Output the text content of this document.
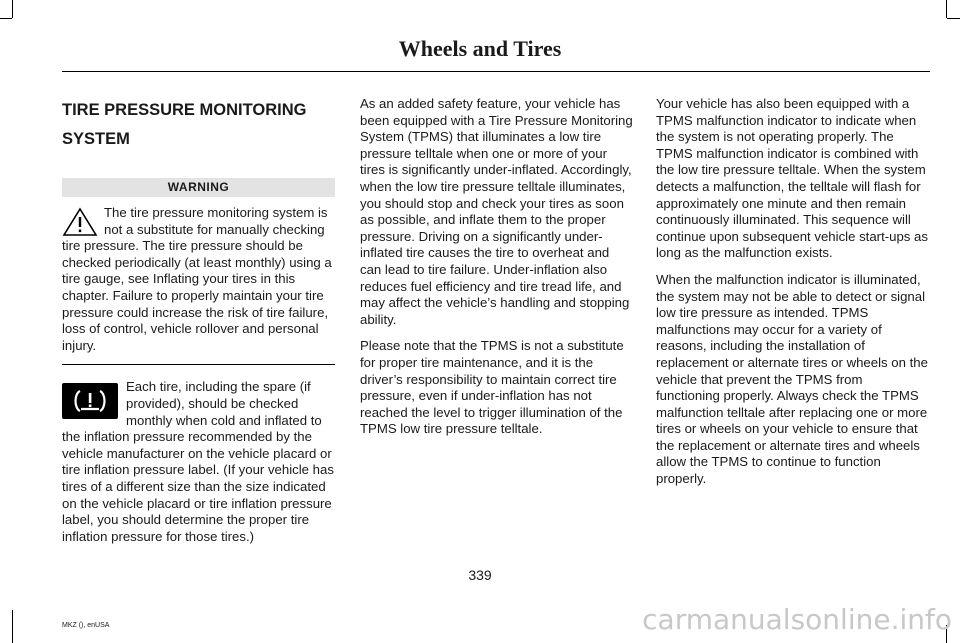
Wheels and Tires
TIRE PRESSURE MONITORING
SYSTEM
WARNING

The tire pressure monitoring system is not a substitute for manually checking tire pressure. The tire pressure should be checked periodically (at least monthly) using a tire gauge, see Inflating your tires in this chapter. Failure to properly maintain your tire pressure could increase the risk of tire failure, loss of control, vehicle rollover and personal injury.

Each tire, including the spare (if provided), should be checked monthly when cold and inflated to the inflation pressure recommended by the vehicle manufacturer on the vehicle placard or tire inflation pressure label. (If your vehicle has tires of a different size than the size indicated on the vehicle placard or tire inflation pressure label, you should determine the proper tire inflation pressure for those tires.)

As an added safety feature, your vehicle has been equipped with a Tire Pressure Monitoring System (TPMS) that illuminates a low tire pressure telltale when one or more of your tires is significantly under-inflated. Accordingly, when the low tire pressure telltale illuminates, you should stop and check your tires as soon as possible, and inflate them to the proper pressure. Driving on a significantly under-inflated tire causes the tire to overheat and can lead to tire failure. Under-inflation also reduces fuel efficiency and tire tread life, and may affect the vehicle’s handling and stopping ability.

Please note that the TPMS is not a substitute for proper tire maintenance, and it is the driver’s responsibility to maintain correct tire pressure, even if under-inflation has not reached the level to trigger illumination of the TPMS low tire pressure telltale.

Your vehicle has also been equipped with a TPMS malfunction indicator to indicate when the system is not operating properly. The TPMS malfunction indicator is combined with the low tire pressure telltale. When the system detects a malfunction, the telltale will flash for approximately one minute and then remain continuously illuminated. This sequence will continue upon subsequent vehicle start-ups as long as the malfunction exists.

When the malfunction indicator is illuminated, the system may not be able to detect or signal low tire pressure as intended. TPMS malfunctions may occur for a variety of reasons, including the installation of replacement or alternate tires or wheels on the vehicle that prevent the TPMS from functioning properly. Always check the TPMS malfunction telltale after replacing one or more tires or wheels on your vehicle to ensure that the replacement or alternate tires and wheels allow the TPMS to continue to function properly.

339
MKZ (), enUSA	carmanualsonline.info
